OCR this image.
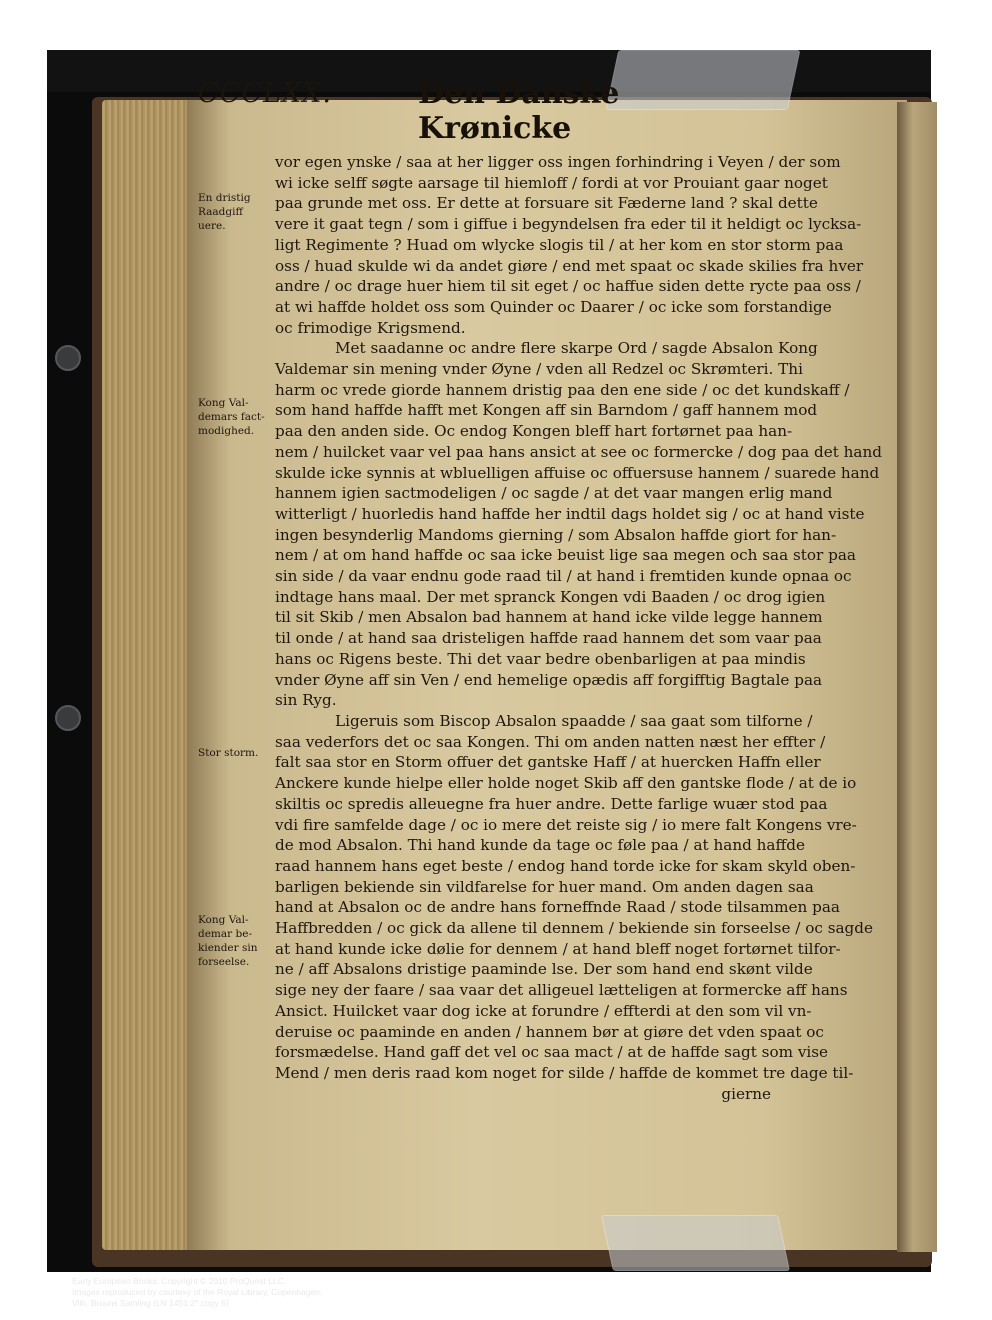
CCCLXX.	Den Danske Krønicke
En dristig
Raadgiff
uere.
Kong Val-
demars fact-
modighed.
Stor storm.
Kong Val-
demar be-
kiender sin
forseelse.
vor egen ynske / saa at her ligger oss ingen forhindring i Veyen / der som
wi icke selff søgte aarsage til hiemloff / fordi at vor Prouiant gaar noget
paa grunde met oss. Er dette at forsuare sit Fæderne land ? skal dette
vere it gaat tegn / som i giffue i begyndelsen fra eder til it heldigt oc lycksa-
ligt Regimente ? Huad om wlycke slogis til / at her kom en stor storm paa
oss / huad skulde wi da andet giøre / end met spaat oc skade skilies fra hver
andre / oc drage huer hiem til sit eget / oc haffue siden dette rycte paa oss /
at wi haffde holdet oss som Quinder oc Daarer / oc icke som forstandige
oc frimodige Krigsmend.
Met saadanne oc andre flere skarpe Ord / sagde Absalon Kong
Valdemar sin mening vnder Øyne / vden all Redzel oc Skrømteri. Thi
harm oc vrede giorde hannem dristig paa den ene side / oc det kundskaff /
som hand haffde hafft met Kongen aff sin Barndom / gaff hannem mod
paa den anden side. Oc endog Kongen bleff hart fortørnet paa han-
nem / huilcket vaar vel paa hans ansict at see oc formercke / dog paa det hand
skulde icke synnis at wbluelligen affuise oc offuersuse hannem / suarede hand
hannem igien sactmodeligen / oc sagde / at det vaar mangen erlig mand
witterligt / huorledis hand haffde her indtil dags holdet sig / oc at hand viste
ingen besynderlig Mandoms gierning / som Absalon haffde giort for han-
nem / at om hand haffde oc saa icke beuist lige saa megen och saa stor paa
sin side / da vaar endnu gode raad til / at hand i fremtiden kunde opnaa oc
indtage hans maal. Der met spranck Kongen vdi Baaden / oc drog igien
til sit Skib / men Absalon bad hannem at hand icke vilde legge hannem
til onde / at hand saa dristeligen haffde raad hannem det som vaar paa
hans oc Rigens beste. Thi det vaar bedre obenbarligen at paa mindis
vnder Øyne aff sin Ven / end hemelige opædis aff forgifftig Bagtale paa
sin Ryg.
Ligeruis som Biscop Absalon spaadde / saa gaat som tilforne /
saa vederfors det oc saa Kongen. Thi om anden natten næst her effter /
falt saa stor en Storm offuer det gantske Haff / at huercken Haffn eller
Anckere kunde hielpe eller holde noget Skib aff den gantske flode / at de io
skiltis oc spredis alleuegne fra huer andre. Dette farlige wuær stod paa
vdi fire samfelde dage / oc io mere det reiste sig / io mere falt Kongens vre-
de mod Absalon. Thi hand kunde da tage oc føle paa / at hand haffde
raad hannem hans eget beste / endog hand torde icke for skam skyld oben-
barligen bekiende sin vildfarelse for huer mand. Om anden dagen saa
hand at Absalon oc de andre hans forneffnde Raad / stode tilsammen paa
Haffbredden / oc gick da allene til dennem / bekiende sin forseelse / oc sagde
at hand kunde icke dølie for dennem / at hand bleff noget fortørnet tilfor-
ne / aff Absalons dristige paaminde lse. Der som hand end skønt vilde
sige ney der faare / saa vaar det alligeuel lætteligen at formercke aff hans
Ansict. Huilcket vaar dog icke at forundre / effterdi at den som vil vn-
deruise oc paaminde en anden / hannem bør at giøre det vden spaat oc
forsmædelse. Hand gaff det vel oc saa mact / at de haffde sagt som vise
Mend / men deris raad kom noget for silde / haffde de kommet tre dage til-
gierne
Early European Books, Copyright © 2010 ProQuest LLC.
Images reproduced by courtesy of the Royal Library, Copenhagen.
Vilh. Bruuns Samling (LN 1451 2° copy 5)
